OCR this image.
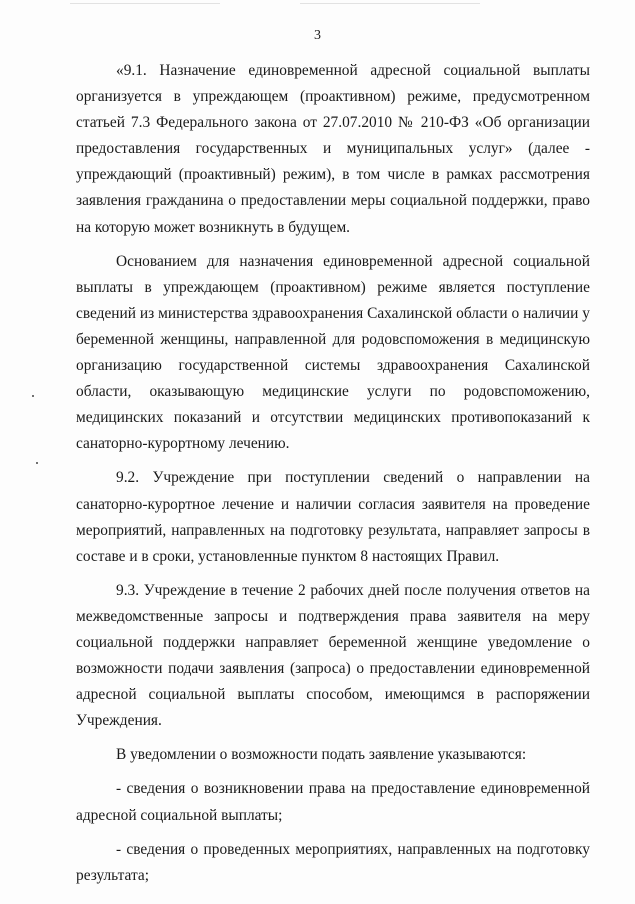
3

«9.1. Назначение единовременной адресной социальной выплаты организуется в упреждающем (проактивном) режиме, предусмотренном статьей 7.3 Федерального закона от 27.07.2010 № 210-ФЗ «Об организации предоставления государственных и муниципальных услуг» (далее - упреждающий (проактивный) режим), в том числе в рамках рассмотрения заявления гражданина о предоставлении меры социальной поддержки, право на которую может возникнуть в будущем.

Основанием для назначения единовременной адресной социальной выплаты в упреждающем (проактивном) режиме является поступление сведений из министерства здравоохранения Сахалинской области о наличии у беременной женщины, направленной для родовспоможения в медицинскую организацию государственной системы здравоохранения Сахалинской области, оказывающую медицинские услуги по родовспоможению, медицинских показаний и отсутствии медицинских противопоказаний к санаторно-курортному лечению.

9.2. Учреждение при поступлении сведений о направлении на санаторно-курортное лечение и наличии согласия заявителя на проведение мероприятий, направленных на подготовку результата, направляет запросы в составе и в сроки, установленные пунктом 8 настоящих Правил.

9.3. Учреждение в течение 2 рабочих дней после получения ответов на межведомственные запросы и подтверждения права заявителя на меру социальной поддержки направляет беременной женщине уведомление о возможности подачи заявления (запроса) о предоставлении единовременной адресной социальной выплаты способом, имеющимся в распоряжении Учреждения.

В уведомлении о возможности подать заявление указываются:

- сведения о возникновении права на предоставление единовременной адресной социальной выплаты;

- сведения о проведенных мероприятиях, направленных на подготовку результата;
